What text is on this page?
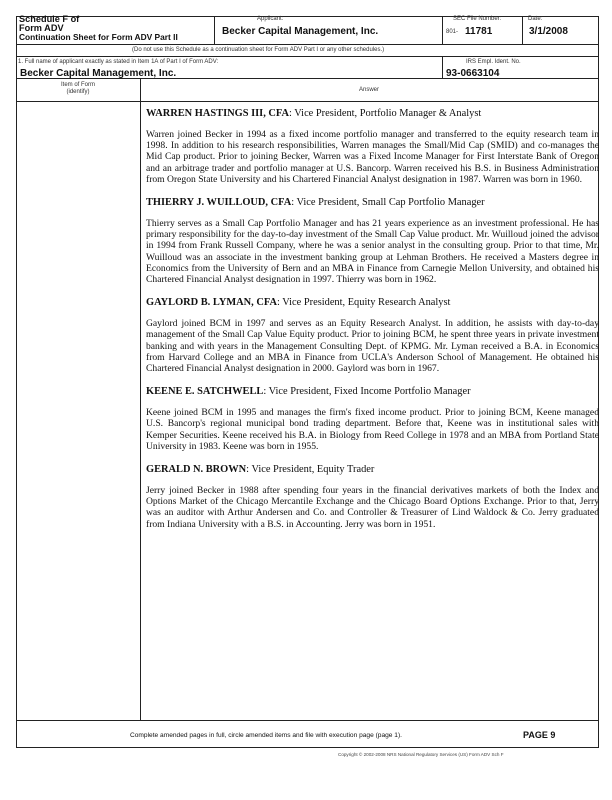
Schedule F of
Form ADV
Continuation Sheet for Form ADV Part II
Applicant:
Becker Capital Management, Inc.
SEC File Number:
801- 11781
Date:
3/1/2008
(Do not use this Schedule as a continuation sheet for Form ADV Part I or any other schedules.)
1. Full name of applicant exactly as stated in Item 1A of Part I of Form ADV:
Becker Capital Management, Inc.
IRS Empl. Ident. No.
93-0663104
Item of Form
(identify)	Answer

WARREN HASTINGS III, CFA: Vice President, Portfolio Manager & Analyst

Warren joined Becker in 1994 as a fixed income portfolio manager and transferred to the equity research team in 1998. In addition to his research responsibilities, Warren manages the Small/Mid Cap (SMID) and co-manages the Mid Cap product. Prior to joining Becker, Warren was a Fixed Income Manager for First Interstate Bank of Oregon and an arbitrage trader and portfolio manager at U.S. Bancorp. Warren received his B.S. in Business Administration from Oregon State University and his Chartered Financial Analyst designation in 1987. Warren was born in 1960.

THIERRY J. WUILLOUD, CFA: Vice President, Small Cap Portfolio Manager

Thierry serves as a Small Cap Portfolio Manager and has 21 years experience as an investment professional. He has primary responsibility for the day-to-day investment of the Small Cap Value product. Mr. Wuilloud joined the advisor in 1994 from Frank Russell Company, where he was a senior analyst in the consulting group. Prior to that time, Mr. Wuilloud was an associate in the investment banking group at Lehman Brothers. He received a Masters degree in Economics from the University of Bern and an MBA in Finance from Carnegie Mellon University, and obtained his Chartered Financial Analyst designation in 1997. Thierry was born in 1962.

GAYLORD B. LYMAN, CFA: Vice President, Equity Research Analyst

Gaylord joined BCM in 1997 and serves as an Equity Research Analyst. In addition, he assists with day-to-day management of the Small Cap Value Equity product. Prior to joining BCM, he spent three years in private investment banking and with years in the Management Consulting Dept. of KPMG. Mr. Lyman received a B.A. in Economics from Harvard College and an MBA in Finance from UCLA's Anderson School of Management. He obtained his Chartered Financial Analyst designation in 2000. Gaylord was born in 1967.

KEENE E. SATCHWELL: Vice President, Fixed Income Portfolio Manager

Keene joined BCM in 1995 and manages the firm's fixed income product. Prior to joining BCM, Keene managed U.S. Bancorp's regional municipal bond trading department. Before that, Keene was in institutional sales with Kemper Securities. Keene received his B.A. in Biology from Reed College in 1978 and an MBA from Portland State University in 1983. Keene was born in 1955.

GERALD N. BROWN: Vice President, Equity Trader

Jerry joined Becker in 1988 after spending four years in the financial derivatives markets of both the Index and Options Market of the Chicago Mercantile Exchange and the Chicago Board Options Exchange. Prior to that, Jerry was an auditor with Arthur Andersen and Co. and Controller & Treasurer of Lind Waldock & Co. Jerry graduated from Indiana University with a B.S. in Accounting. Jerry was born in 1951.

Complete amended pages in full, circle amended items and file with execution page (page 1).	PAGE 9
Copyright © 2002-2008 NRS National Regulatory Services (US) Form ADV Sch F
